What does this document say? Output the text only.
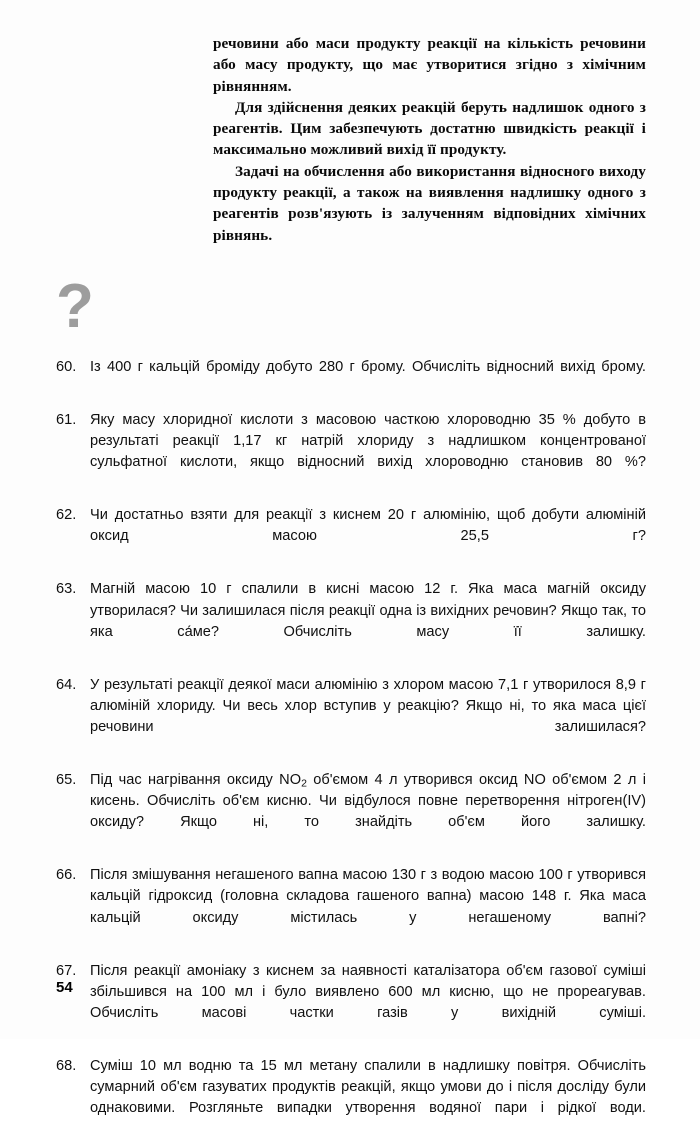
речовини або маси продукту реакції на кількість речовини або масу продукту, що має утворитися згідно з хімічним рівнянням.

Для здійснення деяких реакцій беруть надлишок одного з реагентів. Цим забезпечують достатню швидкість реакції і максимально можливий вихід її продукту.

Задачі на обчислення або використання відносного виходу продукту реакції, а також на виявлення надлишку одного з реагентів розв'язують із залученням відповідних хімічних рівнянь.

?
60. Із 400 г кальцій броміду добуто 280 г брому. Обчисліть відносний вихід брому.
61. Яку масу хлоридної кислоти з масовою часткою хлороводню 35 % добуто в результаті реакції 1,17 кг натрій хлориду з надлишком концентрованої сульфатної кислоти, якщо відносний вихід хлороводню становив 80 %?
62. Чи достатньо взяти для реакції з киснем 20 г алюмінію, щоб добути алюміній оксид масою 25,5 г?
63. Магній масою 10 г спалили в кисні масою 12 г. Яка маса магній оксиду утворилася? Чи залишилася після реакції одна із вихідних речовин? Якщо так, то яка са́ме? Обчисліть масу її залишку.
64. У результаті реакції деякої маси алюмінію з хлором масою 7,1 г утворилося 8,9 г алюміній хлориду. Чи весь хлор вступив у реакцію? Якщо ні, то яка маса цієї речовини залишилася?
65. Під час нагрівання оксиду $NO_2$ об'ємом 4 л утворився оксид NO об'ємом 2 л і кисень. Обчисліть об'єм кисню. Чи відбулося повне перетворення нітроген(IV) оксиду? Якщо ні, то знайдіть об'єм його залишку.
66. Після змішування негашеного вапна масою 130 г з водою масою 100 г утворився кальцій гідроксид (головна складова гашеного вапна) масою 148 г. Яка маса кальцій оксиду містилась у негашеному вапні?
67. Після реакції амоніаку з киснем за наявності каталізатора об'єм газової суміші збільшився на 100 мл і було виявлено 600 мл кисню, що не прореагував. Обчисліть масові частки газів у вихідній суміші.
68. Суміш 10 мл водню та 15 мл метану спалили в надлишку повітря. Обчисліть сумарний об'єм газуватих продуктів реакцій, якщо умови до і після досліду були однаковими. Розгляньте випадки утворення водяної пари і рідкої води.
54
